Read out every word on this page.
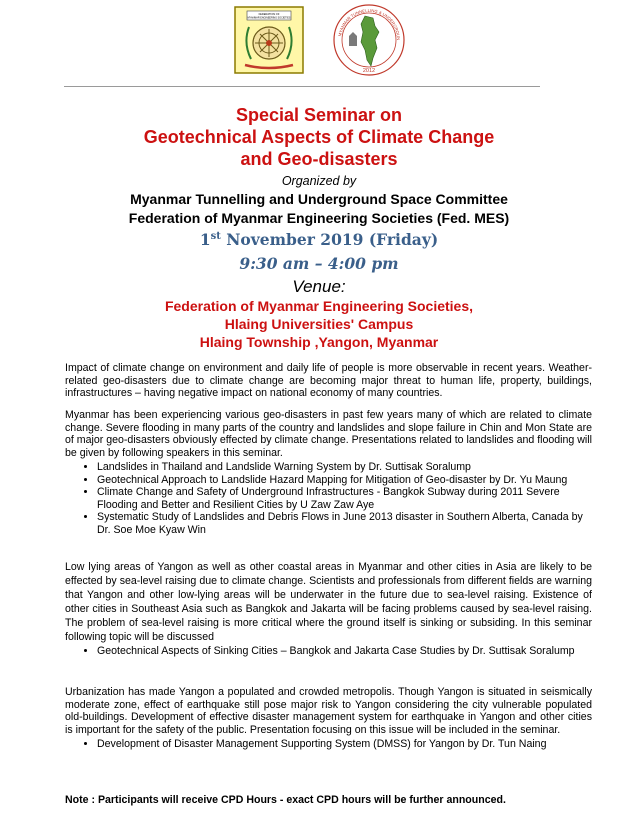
FEDERATION OF
MYANMAR ENGINEERING SOCIETIES
MYANMAR TUNNELLING & UNDERGROUN
2012
Special Seminar on
Geotechnical Aspects of Climate Change
and Geo-disasters
Organized by
Myanmar Tunnelling and Underground Space Committee
Federation of Myanmar Engineering Societies (Fed. MES)
1st November 2019 (Friday)
9:30 am – 4:00 pm
Venue:
Federation of Myanmar Engineering Societies,
Hlaing Universities' Campus
Hlaing Township ,Yangon, Myanmar

Impact of climate change on environment and daily life of people is more observable in recent years. Weather-related geo-disasters due to climate change are becoming major threat to human life, property, buildings, infrastructures – having negative impact on national economy of many countries.

Myanmar has been experiencing various geo-disasters in past few years many of which are related to climate change. Severe flooding in many parts of the country and landslides and slope failure in Chin and Mon State are of major geo-disasters obviously effected by climate change. Presentations related to landslides and flooding will be given by following speakers in this seminar.

• Landslides in Thailand and Landslide Warning System by Dr. Suttisak Soralump
• Geotechnical Approach to Landslide Hazard Mapping for Mitigation of Geo-disaster by Dr. Yu Maung
• Climate Change and Safety of Underground Infrastructures - Bangkok Subway during 2011 Severe Flooding and Better and Resilient Cities by U Zaw Zaw Aye
• Systematic Study of Landslides and Debris Flows in June 2013 disaster in Southern Alberta, Canada by Dr. Soe Moe Kyaw Win

Low lying areas of Yangon as well as other coastal areas in Myanmar and other cities in Asia are likely to be effected by sea-level raising due to climate change. Scientists and professionals from different fields are warning that Yangon and other low-lying areas will be underwater in the future due to sea-level raising. Existence of other cities in Southeast Asia such as Bangkok and Jakarta will be facing problems caused by sea-level raising. The problem of sea-level raising is more critical where the ground itself is sinking or subsiding. In this seminar following topic will be discussed

• Geotechnical Aspects of Sinking Cities – Bangkok and Jakarta Case Studies by Dr. Suttisak Soralump

Urbanization has made Yangon a populated and crowded metropolis. Though Yangon is situated in seismically moderate zone, effect of earthquake still pose major risk to Yangon considering the city vulnerable populated old-buildings. Development of effective disaster management system for earthquake in Yangon and other cities is important for the safety of the public. Presentation focusing on this issue will be included in the seminar.

• Development of Disaster Management Supporting System (DMSS) for Yangon by Dr. Tun Naing
Note : Participants will receive CPD Hours - exact CPD hours will be further announced.
